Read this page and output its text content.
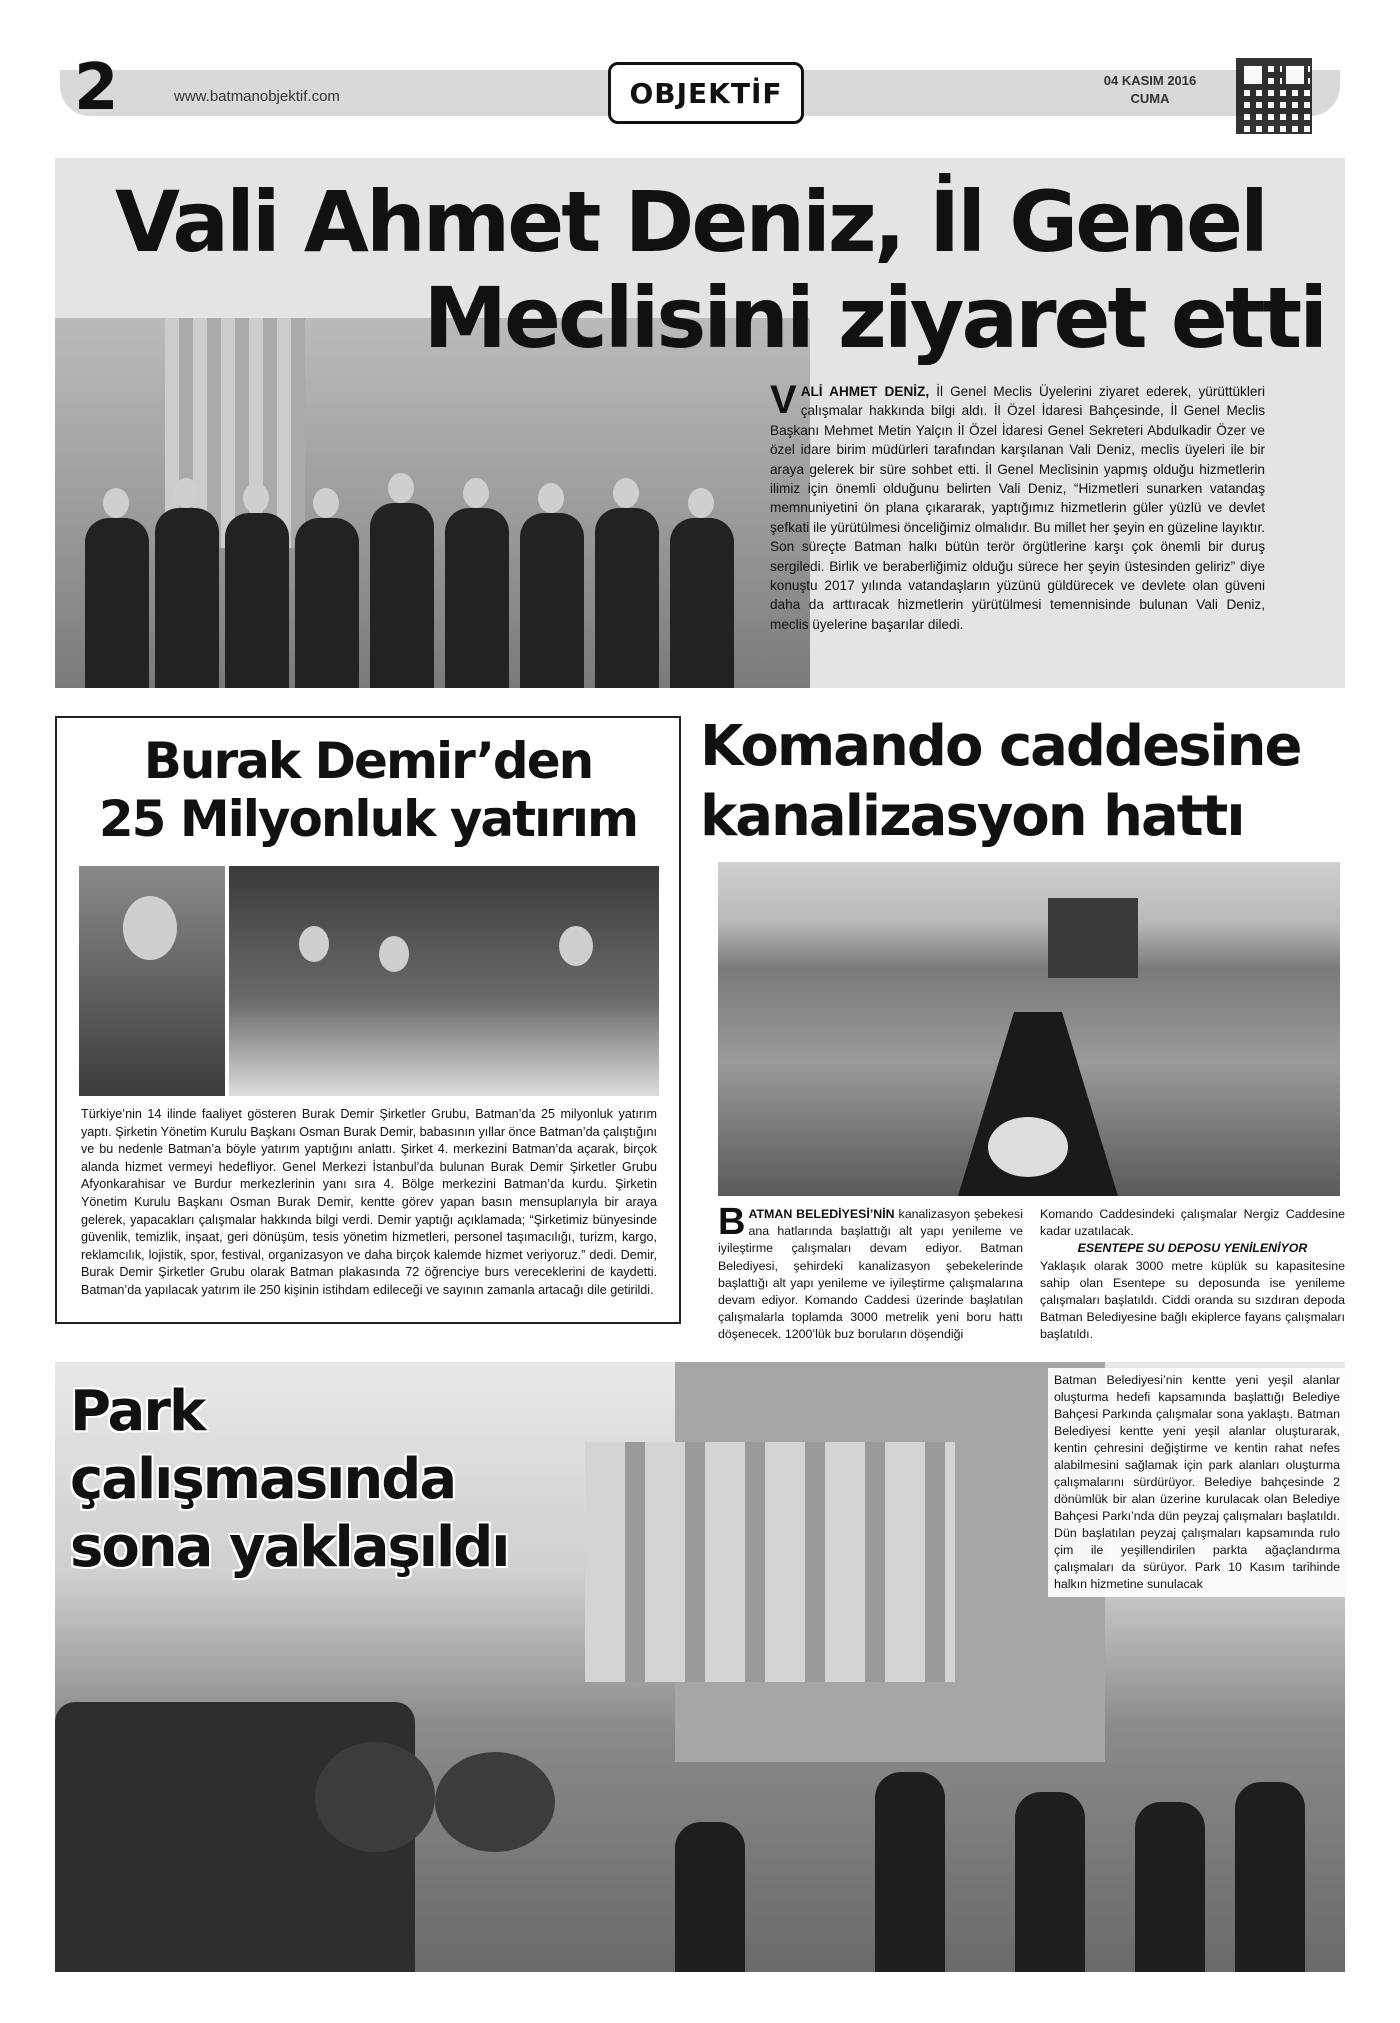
2	www.batmanobjektif.com	OBJEKTİF	04 KASIM 2016
CUMA
Vali Ahmet Deniz, İl Genel
Meclisini ziyaret etti
VALİ AHMET DENİZ, İl Genel Meclis Üyelerini ziyaret ederek, yürüttükleri çalışmalar hakkında bilgi aldı. İl Özel İdaresi Bahçesinde, İl Genel Meclis Başkanı Mehmet Metin Yalçın İl Özel İdaresi Genel Sekreteri Abdulkadir Özer ve özel idare birim müdürleri tarafından karşılanan Vali Deniz, meclis üyeleri ile bir araya gelerek bir süre sohbet etti. İl Genel Meclisinin yapmış olduğu hizmetlerin ilimiz için önemli olduğunu belirten Vali Deniz, “Hizmetleri sunarken vatandaş memnuniyetini ön plana çıkararak, yaptığımız hizmetlerin güler yüzlü ve devlet şefkati ile yürütülmesi önceliğimiz olmalıdır. Bu millet her şeyin en güzeline layıktır. Son süreçte Batman halkı bütün terör örgütlerine karşı çok önemli bir duruş sergiledi. Birlik ve beraberliğimiz olduğu sürece her şeyin üstesinden geliriz” diye konuştu 2017 yılında vatandaşların yüzünü güldürecek ve devlete olan güveni daha da arttıracak hizmetlerin yürütülmesi temennisinde bulunan Vali Deniz, meclis üyelerine başarılar diledi.
Burak Demir’den
25 Milyonluk yatırım
Türkiye’nin 14 ilinde faaliyet gösteren Burak Demir Şirketler Grubu, Batman’da 25 milyonluk yatırım yaptı. Şirketin Yönetim Kurulu Başkanı Osman Burak Demir, babasının yıllar önce Batman’da çalıştığını ve bu nedenle Batman’a böyle yatırım yaptığını anlattı. Şirket 4. merkezini Batman’da açarak, birçok alanda hizmet vermeyi hedefliyor. Genel Merkezi İstanbul’da bulunan Burak Demir Şirketler Grubu Afyonkarahisar ve Burdur merkezlerinin yanı sıra 4. Bölge merkezini Batman’da kurdu. Şirketin Yönetim Kurulu Başkanı Osman Burak Demir, kentte görev yapan basın mensuplarıyla bir araya gelerek, yapacakları çalışmalar hakkında bilgi verdi. Demir yaptığı açıklamada; “Şirketimiz bünyesinde güvenlik, temizlik, inşaat, geri dönüşüm, tesis yönetim hizmetleri, personel taşımacılığı, turizm, kargo, reklamcılık, lojistik, spor, festival, organizasyon ve daha birçok kalemde hizmet veriyoruz.” dedi. Demir, Burak Demir Şirketler Grubu olarak Batman plakasında 72 öğrenciye burs vereceklerini de kaydetti. Batman’da yapılacak yatırım ile 250 kişinin istihdam edileceği ve sayının zamanla artacağı dile getirildi.
Komando caddesine
kanalizasyon hattı
BATMAN BELEDİYESİ’NİN kanalizasyon şebekesi ana hatlarında başlattığı alt yapı yenileme ve iyileştirme çalışmaları devam ediyor. Batman Belediyesi, şehirdeki kanalizasyon şebekelerinde başlattığı alt yapı yenileme ve iyileştirme çalışmalarına devam ediyor. Komando Caddesi üzerinde başlatılan çalışmalarla toplamda 3000 metrelik yeni boru hattı döşenecek. 1200’lük buz boruların döşendiği
Komando Caddesindeki çalışmalar Nergiz Caddesine kadar uzatılacak.
ESENTEPE SU DEPOSU YENİLENİYOR
Yaklaşık olarak 3000 metre küplük su kapasitesine sahip olan Esentepe su deposunda ise yenileme çalışmaları başlatıldı. Ciddi oranda su sızdıran depoda Batman Belediyesine bağlı ekiplerce fayans çalışmaları başlatıldı.
Park
çalışmasında
sona yaklaşıldı
Batman Belediyesi’nin kentte yeni yeşil alanlar oluşturma hedefi kapsamında başlattığı Belediye Bahçesi Parkında çalışmalar sona yaklaştı. Batman Belediyesi kentte yeni yeşil alanlar oluşturarak, kentin çehresini değiştirme ve kentin rahat nefes alabilmesini sağlamak için park alanları oluşturma çalışmalarını sürdürüyor. Belediye bahçesinde 2 dönümlük bir alan üzerine kurulacak olan Belediye Bahçesi Parkı’nda dün peyzaj çalışmaları başlatıldı. Dün başlatılan peyzaj çalışmaları kapsamında rulo çim ile yeşillendirilen parkta ağaçlandırma çalışmaları da sürüyor. Park 10 Kasım tarihinde halkın hizmetine sunulacak
